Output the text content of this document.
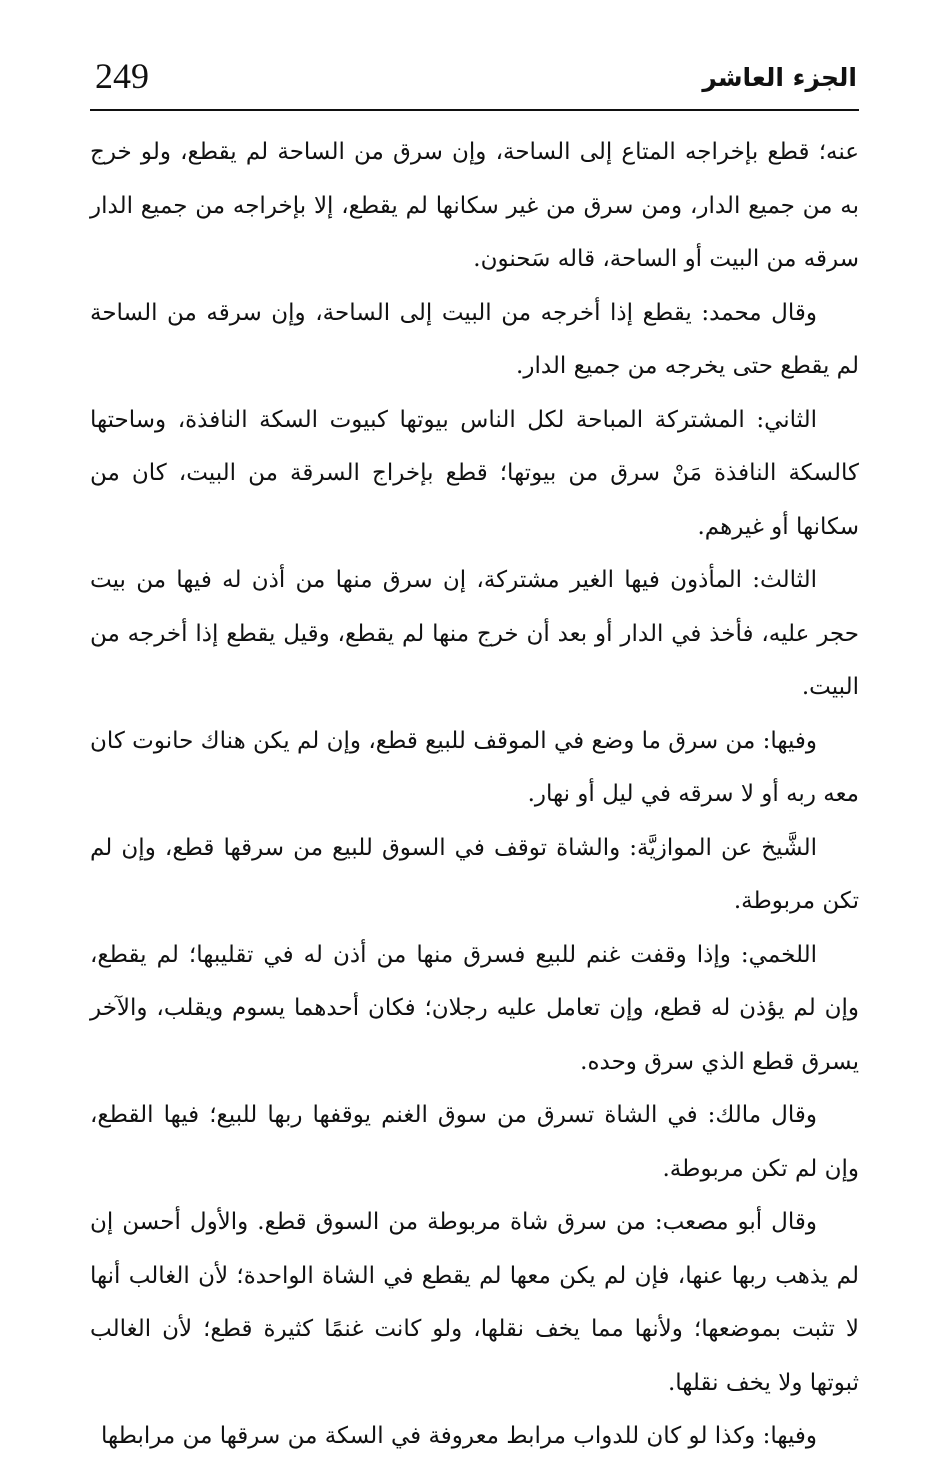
249	الجزء العاشر

عنه؛ قطع بإخراجه المتاع إلى الساحة، وإن سرق من الساحة لم يقطع، ولو خرج به من جميع الدار، ومن سرق من غير سكانها لم يقطع، إلا بإخراجه من جميع الدار سرقه من البيت أو الساحة، قاله سَحنون.

وقال محمد: يقطع إذا أخرجه من البيت إلى الساحة، وإن سرقه من الساحة لم يقطع حتى يخرجه من جميع الدار.

الثاني: المشتركة المباحة لكل الناس بيوتها كبيوت السكة النافذة، وساحتها كالسكة النافذة مَنْ سرق من بيوتها؛ قطع بإخراج السرقة من البيت، كان من سكانها أو غيرهم.

الثالث: المأذون فيها الغير مشتركة، إن سرق منها من أذن له فيها من بيت حجر عليه، فأخذ في الدار أو بعد أن خرج منها لم يقطع، وقيل يقطع إذا أخرجه من البيت.

وفيها: من سرق ما وضع في الموقف للبيع قطع، وإن لم يكن هناك حانوت كان معه ربه أو لا سرقه في ليل أو نهار.

الشَّيخ عن الموازيَّة: والشاة توقف في السوق للبيع من سرقها قطع، وإن لم تكن مربوطة.

اللخمي: وإذا وقفت غنم للبيع فسرق منها من أذن له في تقليبها؛ لم يقطع، وإن لم يؤذن له قطع، وإن تعامل عليه رجلان؛ فكان أحدهما يسوم ويقلب، والآخر يسرق قطع الذي سرق وحده.

وقال مالك: في الشاة تسرق من سوق الغنم يوقفها ربها للبيع؛ فيها القطع، وإن لم تكن مربوطة.

وقال أبو مصعب: من سرق شاة مربوطة من السوق قطع. والأول أحسن إن لم يذهب ربها عنها، فإن لم يكن معها لم يقطع في الشاة الواحدة؛ لأن الغالب أنها لا تثبت بموضعها؛ ولأنها مما يخف نقلها، ولو كانت غنمًا كثيرة قطع؛ لأن الغالب ثبوتها ولا يخف نقلها.

وفيها: وكذا لو كان للدواب مرابط معروفة في السكة من سرقها من مرابطها
